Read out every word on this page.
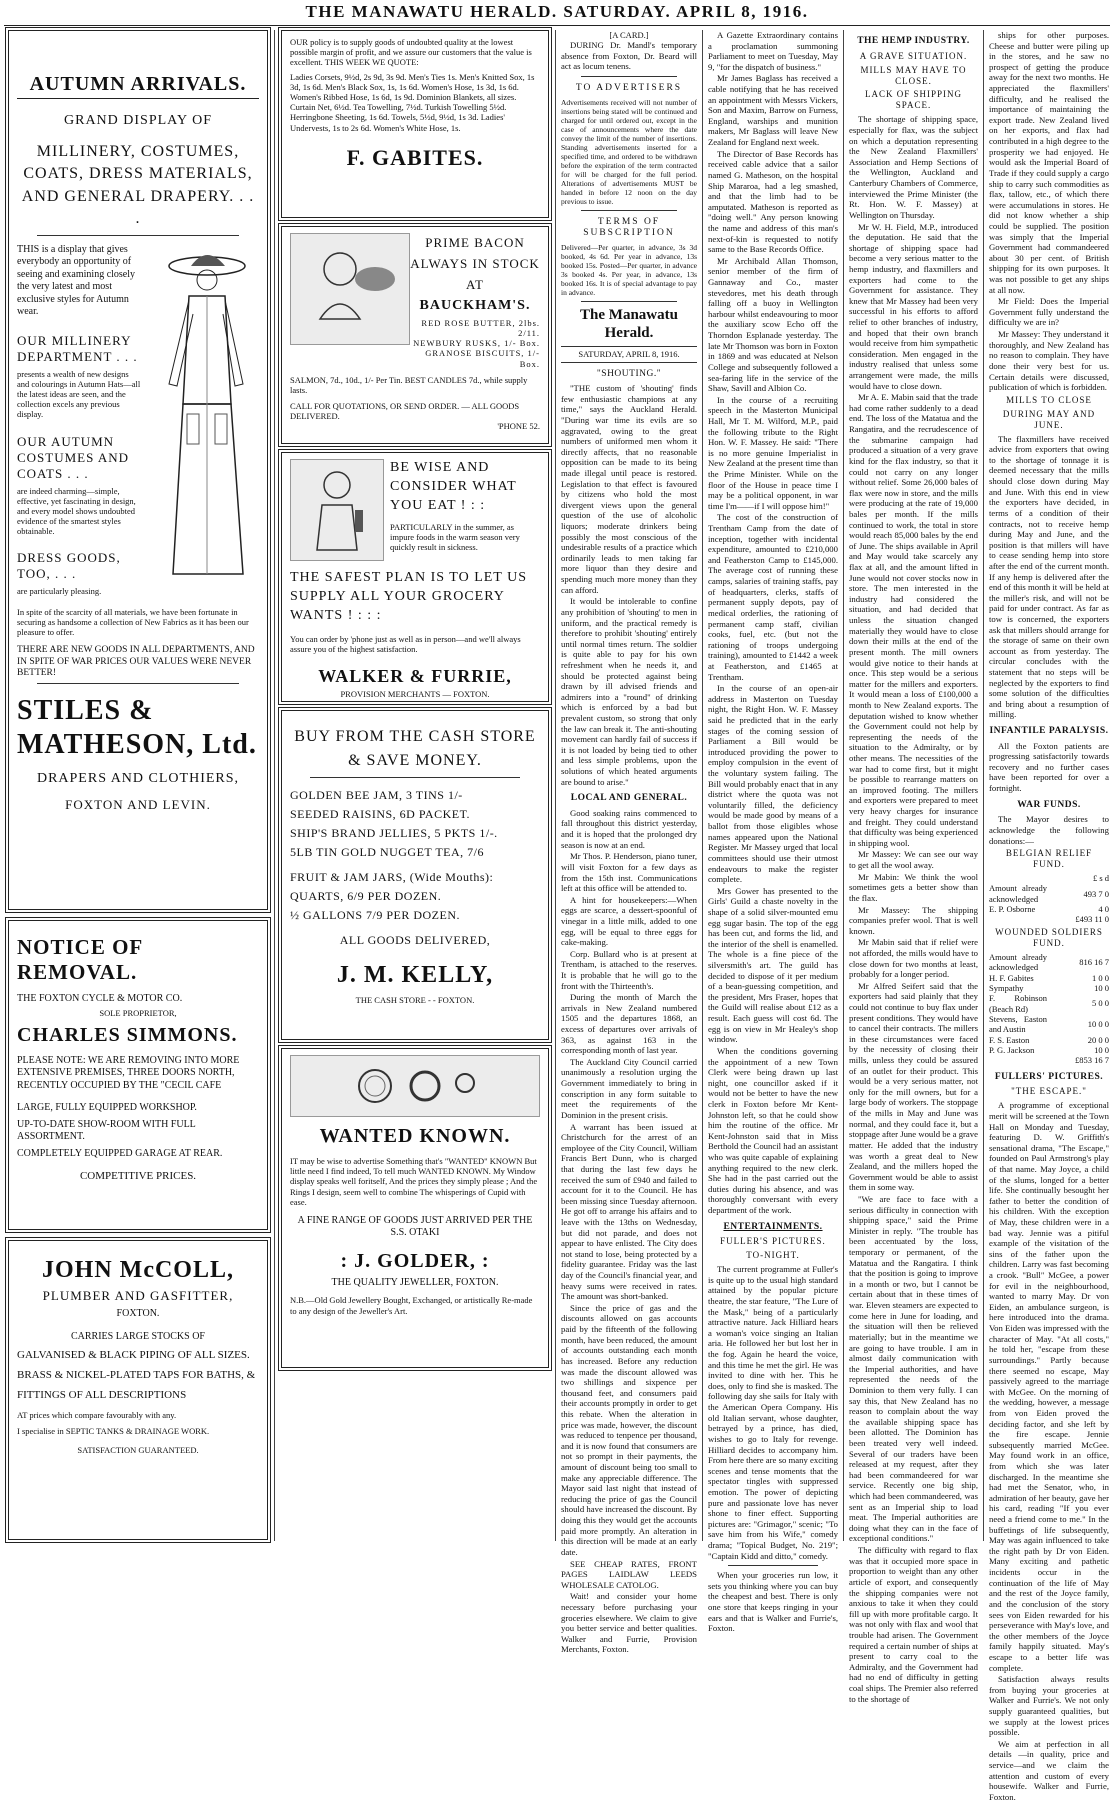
THE MANAWATU HERALD. SATURDAY. APRIL 8, 1916.
AUTUMN ARRIVALS.
GRAND DISPLAY OF
MILLINERY, COSTUMES, COATS, DRESS MATERIALS, AND GENERAL DRAPERY. . . .
THIS is a display that gives everybody an opportunity of seeing and examining closely the very latest and most exclusive styles for Autumn wear.
OUR MILLINERY DEPARTMENT . . .
presents a wealth of new designs and colourings in Autumn Hats—all the latest ideas are seen, and the collection excels any previous display.
OUR AUTUMN COSTUMES AND COATS . . .
are indeed charming—simple, effective, yet fascinating in design, and every model shows undoubted evidence of the smartest styles obtainable.
DRESS GOODS, TOO, . . .
are particularly pleasing.
In spite of the scarcity of all materials, we have been fortunate in securing as handsome a collection of New Fabrics as it has been our pleasure to offer.
THERE ARE NEW GOODS IN ALL DEPARTMENTS, AND IN SPITE OF WAR PRICES OUR VALUES WERE NEVER BETTER!
STILES & MATHESON, Ltd.
DRAPERS AND CLOTHIERS,
FOXTON AND LEVIN.
NOTICE OF REMOVAL.
THE FOXTON CYCLE & MOTOR CO.
SOLE PROPRIETOR,
CHARLES SIMMONS.
PLEASE NOTE: WE ARE REMOVING INTO MORE EXTENSIVE PREMISES, THREE DOORS NORTH, RECENTLY OCCUPIED BY THE "CECIL CAFE
LARGE, FULLY EQUIPPED WORKSHOP.
UP-TO-DATE SHOW-ROOM WITH FULL ASSORTMENT.
COMPLETELY EQUIPPED GARAGE AT REAR.
COMPETITIVE PRICES.
JOHN McCOLL,
PLUMBER AND GASFITTER,
FOXTON.
CARRIES LARGE STOCKS OF
GALVANISED & BLACK PIPING OF ALL SIZES.
BRASS & NICKEL-PLATED TAPS FOR BATHS, &
FITTINGS OF ALL DESCRIPTIONS
AT prices which compare favourably with any.
I specialise in SEPTIC TANKS & DRAINAGE WORK.
SATISFACTION GUARANTEED.
OUR policy is to supply goods of undoubted quality at the lowest possible margin of profit, and we assure our customers that the value is excellent. THIS WEEK WE QUOTE:
Ladies Corsets, 9½d, 2s 9d, 3s 9d. Men's Ties 1s. Men's Knitted Sox, 1s 3d, 1s 6d. Men's Black Sox, 1s, 1s 6d. Women's Hose, 1s 3d, 1s 6d. Women's Ribbed Hose, 1s 6d, 1s 9d. Dominion Blankets, all sizes. Curtain Net, 6½d. Tea Towelling, 7½d. Turkish Towelling 5½d. Herringbone Sheeting, 1s 6d. Towels, 5½d, 9½d, 1s 3d. Ladies' Undervests, 1s to 2s 6d. Women's White Hose, 1s.
F. GABITES.
PRIME BACON
ALWAYS IN STOCK
AT
BAUCKHAM'S.
RED ROSE BUTTER, 2lbs. 2/11.
NEWBURY RUSKS, 1/- Box.
GRANOSE BISCUITS, 1/- Box.
SALMON, 7d., 10d., 1/- Per Tin. BEST CANDLES 7d., while supply lasts.
CALL FOR QUOTATIONS, OR SEND ORDER. — ALL GOODS DELIVERED.
'PHONE 52.
BE WISE AND CONSIDER WHAT YOU EAT ! : :
PARTICULARLY in the summer, as impure foods in the warm season very quickly result in sickness.
THE SAFEST PLAN IS TO LET US SUPPLY ALL YOUR GROCERY WANTS ! : : :
You can order by 'phone just as well as in person—and we'll always assure you of the highest satisfaction.
WALKER & FURRIE,
PROVISION MERCHANTS — FOXTON.
BUY FROM THE CASH STORE & SAVE MONEY.
GOLDEN BEE JAM, 3 TINS 1/-
SEEDED RAISINS, 6D PACKET.
SHIP'S BRAND JELLIES, 5 PKTS 1/-.
5LB TIN GOLD NUGGET TEA, 7/6
FRUIT & JAM JARS, (Wide Mouths):
QUARTS, 6/9 PER DOZEN.
½ GALLONS 7/9 PER DOZEN.
ALL GOODS DELIVERED,
J. M. KELLY,
THE CASH STORE - - FOXTON.
WANTED KNOWN.
IT may be wise to advertise Something that's "WANTED" KNOWN But little need I find indeed, To tell much WANTED KNOWN. My Window display speaks well foritself, And the prices they simply please ; And the Rings I design, seem well to combine The whisperings of Cupid with ease.
A FINE RANGE OF GOODS JUST ARRIVED PER THE S.S. OTAKI
: J. GOLDER, :
THE QUALITY JEWELLER, FOXTON.
N.B.—Old Gold Jewellery Bought, Exchanged, or artistically Re-made to any design of the Jeweller's Art.
[A CARD.]

DURING Dr. Mandl's temporary absence from Foxton, Dr. Beard will act as locum tenens.

TO ADVERTISERS
Advertisements received will not number of insertions being stated will be continued and charged for until ordered out, except in the case of announcements where the date convey the limit of the number of insertions. Standing advertisements inserted for a specified time, and ordered to be withdrawn before the expiration of the term contracted for will be charged for the full period. Alterations of advertisements MUST be handed in before 12 noon on the day previous to issue.
TERMS OF SUBSCRIPTION
Delivered—Per quarter, in advance, 3s 3d booked, 4s 6d. Per year in advance, 13s booked 15s. Posted—Per quarter, in advance 3s booked 4s. Per year, in advance, 13s booked 16s. It is of special advantage to pay in advance.
The Manawatu Herald.
SATURDAY, APRIL 8, 1916.
"SHOUTING."

"THE custom of 'shouting' finds few enthusiastic champions at any time," says the Auckland Herald. "During war time its evils are so aggravated, owing to the great numbers of uniformed men whom it directly affects, that no reasonable opposition can be made to its being made illegal until peace is restored. Legislation to that effect is favoured by citizens who hold the most divergent views upon the general question of the use of alcoholic liquors; moderate drinkers being possibly the most conscious of the undesirable results of a practice which ordinarily leads to men taking far more liquor than they desire and spending much more money than they can afford.

It would be intolerable to confine any prohibition of 'shouting' to men in uniform, and the practical remedy is therefore to prohibit 'shouting' entirely until normal times return. The soldier is quite able to pay for his own refreshment when he needs it, and should be protected against being drawn by ill advised friends and admirers into a "round" of drinking which is enforced by a bad but prevalent custom, so strong that only the law can break it. The anti-shouting movement can hardly fail of success if it is not loaded by being tied to other and less simple problems, upon the solutions of which heated arguments are bound to arise."

LOCAL AND GENERAL.

Good soaking rains commenced to fall throughout this district yesterday, and it is hoped that the prolonged dry season is now at an end.

Mr Thos. P. Henderson, piano tuner, will visit Foxton for a few days as from the 15th inst. Communications left at this office will be attended to.

A hint for housekeepers:—When eggs are scarce, a dessert-spoonful of vinegar in a little milk, added to one egg, will be equal to three eggs for cake-making.

Corp. Bullard who is at present at Trentham, is attached to the reserves. It is probable that he will go to the front with the Thirteenth's.

During the month of March the arrivals in New Zealand numbered 1505 and the departures 1868, an excess of departures over arrivals of 363, as against 163 in the corresponding month of last year.

The Auckland City Council carried unanimously a resolution urging the Government immediately to bring in conscription in any form suitable to meet the requirements of the Dominion in the present crisis.

A warrant has been issued at Christchurch for the arrest of an employee of the City Council, William Francis Bert Dunn, who is charged that during the last few days he received the sum of £940 and failed to account for it to the Council. He has been missing since Tuesday afternoon. He got off to arrange his affairs and to leave with the 13ths on Wednesday, but did not parade, and does not appear to have enlisted. The City does not stand to lose, being protected by a fidelity guarantee. Friday was the last day of the Council's financial year, and heavy sums were received in rates. The amount was short-banked.

Since the price of gas and the discounts allowed on gas accounts paid by the fifteenth of the following month, have been reduced, the amount of accounts outstanding each month has increased. Before any reduction was made the discount allowed was two shillings and sixpence per thousand feet, and consumers paid their accounts promptly in order to get this rebate. When the alteration in price was made, however, the discount was reduced to tenpence per thousand, and it is now found that consumers are not so prompt in their payments, the amount of discount being too small to make any appreciable difference. The Mayor said last night that instead of reducing the price of gas the Council should have increased the discount. By doing this they would get the accounts paid more promptly. An alteration in this direction will be made at an early date.

SEE CHEAP RATES, FRONT PAGES LAIDLAW LEEDS WHOLESALE CATOLOG.

Wait! and consider your home necessary before purchasing your groceries elsewhere. We claim to give you better service and better qualities. Walker and Furrie, Provision Merchants, Foxton.

A Gazette Extraordinary contains a proclamation summoning Parliament to meet on Tuesday, May 9, "for the dispatch of business."

Mr James Baglass has received a cable notifying that he has received an appointment with Messrs Vickers, Son and Maxim, Barrow on Furness, England, warships and munition makers, Mr Baglass will leave New Zealand for England next week.

The Director of Base Records has received cable advice that a sailor named G. Matheson, on the hospital Ship Mararoa, had a leg smashed, and that the limb had to be amputated. Matheson is reported as "doing well." Any person knowing the name and address of this man's next-of-kin is requested to notify same to the Base Records Office.

Mr Archibald Allan Thomson, senior member of the firm of Gannaway and Co., master stevedores, met his death through falling off a buoy in Wellington harbour whilst endeavouring to moor the auxiliary scow Echo off the Thorndon Esplanade yesterday. The late Mr Thomson was born in Foxton in 1869 and was educated at Nelson College and subsequently followed a sea-faring life in the service of the Shaw, Savill and Albion Co.

In the course of a recruiting speech in the Masterton Municipal Hall, Mr T. M. Wilford, M.P., paid the following tribute to the Right Hon. W. F. Massey. He said: "There is no more genuine Imperialist in New Zealand at the present time than the Prime Minister. While on the floor of the House in peace time I may be a political opponent, in war time I'm——if I will oppose him!"

The cost of the construction of Trentham Camp from the date of inception, together with incidental expenditure, amounted to £210,000 and Featherston Camp to £145,000. The average cost of running these camps, salaries of training staffs, pay of headquarters, clerks, staffs of permanent supply depots, pay of medical orderlies, the rationing of permanent camp staff, civilian cooks, fuel, etc. (but not the rationing of troops undergoing training), amounted to £1442 a week at Featherston, and £1465 at Trentham.

In the course of an open-air address in Masterton on Tuesday night, the Right Hon. W. F. Massey said he predicted that in the early stages of the coming session of Parliament a Bill would be introduced providing the power to employ compulsion in the event of the voluntary system failing. The Bill would probably enact that in any district where the quota was not voluntarily filled, the deficiency would be made good by means of a ballot from those eligibles whose names appeared upon the National Register. Mr Massey urged that local committees should use their utmost endeavours to make the register complete.

Mrs Gower has presented to the Girls' Guild a chaste novelty in the shape of a solid silver-mounted emu egg sugar basin. The top of the egg has been cut, and forms the lid, and the interior of the shell is enamelled. The whole is a fine piece of the silversmith's art. The guild has decided to dispose of it per medium of a bean-guessing competition, and the president, Mrs Fraser, hopes that the Guild will realise about £12 as a result. Each guess will cost 6d. The egg is on view in Mr Healey's shop window.

When the conditions governing the appointment of a new Town Clerk were being drawn up last night, one councillor asked if it would not be better to have the new clerk in Foxton before Mr Kent-Johnston left, so that he could show him the routine of the office. Mr Kent-Johnston said that in Miss Berthold the Council had an assistant who was quite capable of explaining anything required to the new clerk. She had in the past carried out the duties during his absence, and was thoroughly conversant with every department of the work.

ENTERTAINMENTS.
FULLER'S PICTURES.
TO-NIGHT.

The current programme at Fuller's is quite up to the usual high standard attained by the popular picture theatre, the star feature, "The Lure of the Mask," being of a particularly attractive nature. Jack Hilliard hears a woman's voice singing an Italian aria. He followed her but lost her in the fog. Again he heard the voice, and this time he met the girl. He was invited to dine with her. This he does, only to find she is masked. The following day she sails for Italy with the American Opera Company. His old Italian servant, whose daughter, betrayed by a prince, has died, wishes to go to Italy for revenge. Hilliard decides to accompany him. From here there are so many exciting scenes and tense moments that the spectator tingles with suppressed emotion. The power of depicting pure and passionate love has never shone to finer effect. Supporting pictures are: "Grimagor," scenic; "To save him from his Wife," comedy drama; "Topical Budget, No. 219"; "Captain Kidd and ditto," comedy.

When your groceries run low, it sets you thinking where you can buy the cheapest and best. There is only one store that keeps ringing in your ears and that is Walker and Furrie's, Foxton.

THE HEMP INDUSTRY.
A GRAVE SITUATION.
MILLS MAY HAVE TO CLOSE.
LACK OF SHIPPING SPACE.

The shortage of shipping space, especially for flax, was the subject on which a deputation representing the New Zealand Flaxmillers' Association and Hemp Sections of the Wellington, Auckland and Canterbury Chambers of Commerce, interviewed the Prime Minister (the Rt. Hon. W. F. Massey) at Wellington on Thursday.

Mr W. H. Field, M.P., introduced the deputation. He said that the shortage of shipping space had become a very serious matter to the hemp industry, and flaxmillers and exporters had come to the Government for assistance. They knew that Mr Massey had been very successful in his efforts to afford relief to other branches of industry, and hoped that their own branch would receive from him sympathetic consideration. Men engaged in the industry realised that unless some arrangement were made, the mills would have to close down.

Mr A. E. Mabin said that the trade had come rather suddenly to a dead end. The loss of the Matatua and the Rangatira, and the recrudescence of the submarine campaign had produced a situation of a very grave kind for the flax industry, so that it could not carry on any longer without relief. Some 26,000 bales of flax were now in store, and the mills were producing at the rate of 19,000 bales per month. If the mills continued to work, the total in store would reach 85,000 bales by the end of June. The ships available in April and May would take scarcely any flax at all, and the amount lifted in June would not cover stocks now in store. The men interested in the industry had considered the situation, and had decided that unless the situation changed materially they would have to close down their mills at the end of the present month. The mill owners would give notice to their hands at once. This step would be a serious matter for the millers and exporters. It would mean a loss of £100,000 a month to New Zealand exports. The deputation wished to know whether the Government could not help by representing the needs of the situation to the Admiralty, or by other means. The necessities of the war had to come first, but it might be possible to rearrange matters on an improved footing. The millers and exporters were prepared to meet very heavy charges for insurance and freight. They could understand that difficulty was being experienced in shipping wool.

Mr Massey: We can see our way to get all the wool away.

Mr Mabin: We think the wool sometimes gets a better show than the flax.

Mr Massey: The shipping companies prefer wool. That is well known.

Mr Mabin said that if relief were not afforded, the mills would have to close down for two months at least, probably for a longer period.

Mr Alfred Seifert said that the exporters had said plainly that they could not continue to buy flax under present conditions. They would have to cancel their contracts. The millers in these circumstances were faced by the necessity of closing their mills, unless they could be assured of an outlet for their product. This would be a very serious matter, not only for the mill owners, but for a large body of workers. The stoppage of the mills in May and June was normal, and they could face it, but a stoppage after June would be a grave matter. He added that the industry was worth a great deal to New Zealand, and the millers hoped the Government would be able to assist them in some way.

"We are face to face with a serious difficulty in connection with shipping space," said the Prime Minister in reply. "The trouble has been accentuated by the loss, temporary or permanent, of the Matatua and the Rangatira. I think that the position is going to improve in a month or two, but I cannot be certain about that in these times of war. Eleven steamers are expected to come here in June for loading, and the situation will then be relieved materially; but in the meantime we are going to have trouble. I am in almost daily communication with the Imperial authorities, and have represented the needs of the Dominion to them very fully. I can say this, that New Zealand has no reason to complain about the way the available shipping space has been allotted. The Dominion has been treated very well indeed. Several of our traders have been released at my request, after they had been commandeered for war service. Recently one big ship, which had been commandeered, was sent as an Imperial ship to load meat. The Imperial authorities are doing what they can in the face of exceptional conditions."

The difficulty with regard to flax was that it occupied more space in proportion to weight than any other article of export, and consequently the shipping companies were not anxious to take it when they could fill up with more profitable cargo. It was not only with flax and wool that trouble had arisen. The Government required a certain number of ships at present to carry coal to the Admiralty, and the Government had had no end of difficulty in getting coal ships. The Premier also referred to the shortage of

ships for other purposes. Cheese and butter were piling up in the stores, and he saw no prospect of getting the produce away for the next two months. He appreciated the flaxmillers' difficulty, and he realised the importance of maintaining the export trade. New Zealand lived on her exports, and flax had contributed in a high degree to the prosperity we had enjoyed. He would ask the Imperial Board of Trade if they could supply a cargo ship to carry such commodities as flax, tallow, etc., of which there were accumulations in stores. He did not know whether a ship could be supplied. The position was simply that the Imperial Government had commandeered about 30 per cent. of British shipping for its own purposes. It was not possible to get any ships at all now.

Mr Field: Does the Imperial Government fully understand the difficulty we are in?

Mr Massey: They understand it thoroughly, and New Zealand has no reason to complain. They have done their very best for us. Certain details were discussed, publication of which is forbidden.

MILLS TO CLOSE
DURING MAY AND JUNE.

The flaxmillers have received advice from exporters that owing to the shortage of tonnage it is deemed necessary that the mills should close down during May and June. With this end in view the exporters have decided, in terms of a condition of their contracts, not to receive hemp during May and June, and the position is that millers will have to cease sending hemp into store after the end of the current month. If any hemp is delivered after the end of this month it will be held at the miller's risk, and will not be paid for under contract. As far as tow is concerned, the exporters ask that millers should arrange for the storage of same on their own account as from yesterday. The circular concludes with the statement that no steps will be neglected by the exporters to find some solution of the difficulties and bring about a resumption of milling.

INFANTILE PARALYSIS.

All the Foxton patients are progressing satisfactorily towards recovery and no further cases have been reported for over a fortnight.

WAR FUNDS.

The Mayor desires to acknowledge the following donations:—

BELGIAN RELIEF FUND.
£ s d
Amount already acknowledged	493 7 0
E. P. Osborne	4 0
	£493 11 0
WOUNDED SOLDIERS FUND.
Amount already acknowledged	816 16 7
H. F. Gabites	1 0 0
Sympathy	10 0
F. Robinson (Beach Rd)	5 0 0
Stevens, Easton and Austin	10 0 0
F. S. Easton	20 0 0
P. G. Jackson	10 0
	£853 16 7
FULLERS' PICTURES.
"THE ESCAPE."

A programme of exceptional merit will be screened at the Town Hall on Monday and Tuesday, featuring D. W. Griffith's sensational drama, "The Escape," founded on Paul Armstrong's play of that name. May Joyce, a child of the slums, longed for a better life. She continually besought her father to better the condition of his children. With the exception of May, these children were in a bad way. Jennie was a pitiful example of the visitation of the sins of the father upon the children. Larry was fast becoming a crook. "Bull" McGee, a power for evil in the neighbourhood, wanted to marry May. Dr von Eiden, an ambulance surgeon, is here introduced into the drama. Von Eiden was impressed with the character of May. "At all costs," he told her, "escape from these surroundings." Partly because there seemed no escape, May passively agreed to the marriage with McGee. On the morning of the wedding, however, a message from von Eiden proved the deciding factor, and she left by the fire escape. Jennie subsequently married McGee. May found work in an office, from which she was later discharged. In the meantime she had met the Senator, who, in admiration of her beauty, gave her his card, reading "If you ever need a friend come to me." In the buffetings of life subsequently, May was again influenced to take the right path by Dr von Eiden. Many exciting and pathetic incidents occur in the continuation of the life of May and the rest of the Joyce family, and the conclusion of the story sees von Eiden rewarded for his perseverance with May's love, and the other members of the Joyce family happily situated. May's escape to a better life was complete.

Satisfaction always results from buying your groceries at Walker and Furrie's. We not only supply guaranteed qualities, but we supply at the lowest prices possible.

We aim at perfection in all details —in quality, price and service—and we claim the attention and custom of every housewife. Walker and Furrie, Foxton.
